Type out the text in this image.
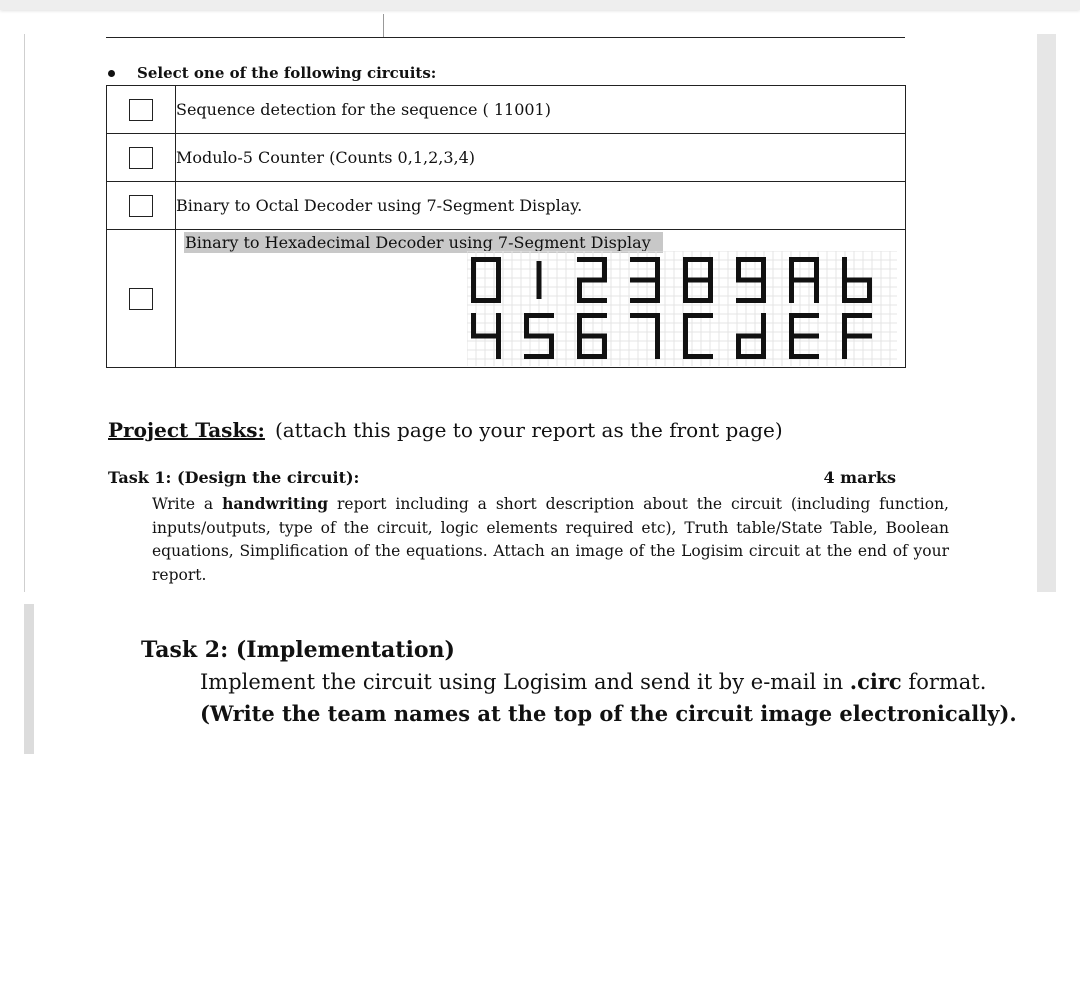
Select one of the following circuits:
	Sequence detection for the sequence ( 11001)
	Modulo-5 Counter (Counts 0,1,2,3,4)
	Binary to Octal Decoder using 7-Segment Display.

	Binary to Hexadecimal Decoder using 7-Segment Display
Project Tasks: (attach this page to your report as the front page)
Task 1: (Design the circuit):	4 marks
Write a handwriting report including a short description about the circuit (including function, inputs/outputs, type of the circuit, logic elements required etc), Truth table/State Table, Boolean equations, Simplification of the equations. Attach an image of the Logisim circuit at the end of your report.
Task 2: (Implementation)
Implement the circuit using Logisim and send it by e-mail in .circ format.
(Write the team names at the top of the circuit image electronically).
